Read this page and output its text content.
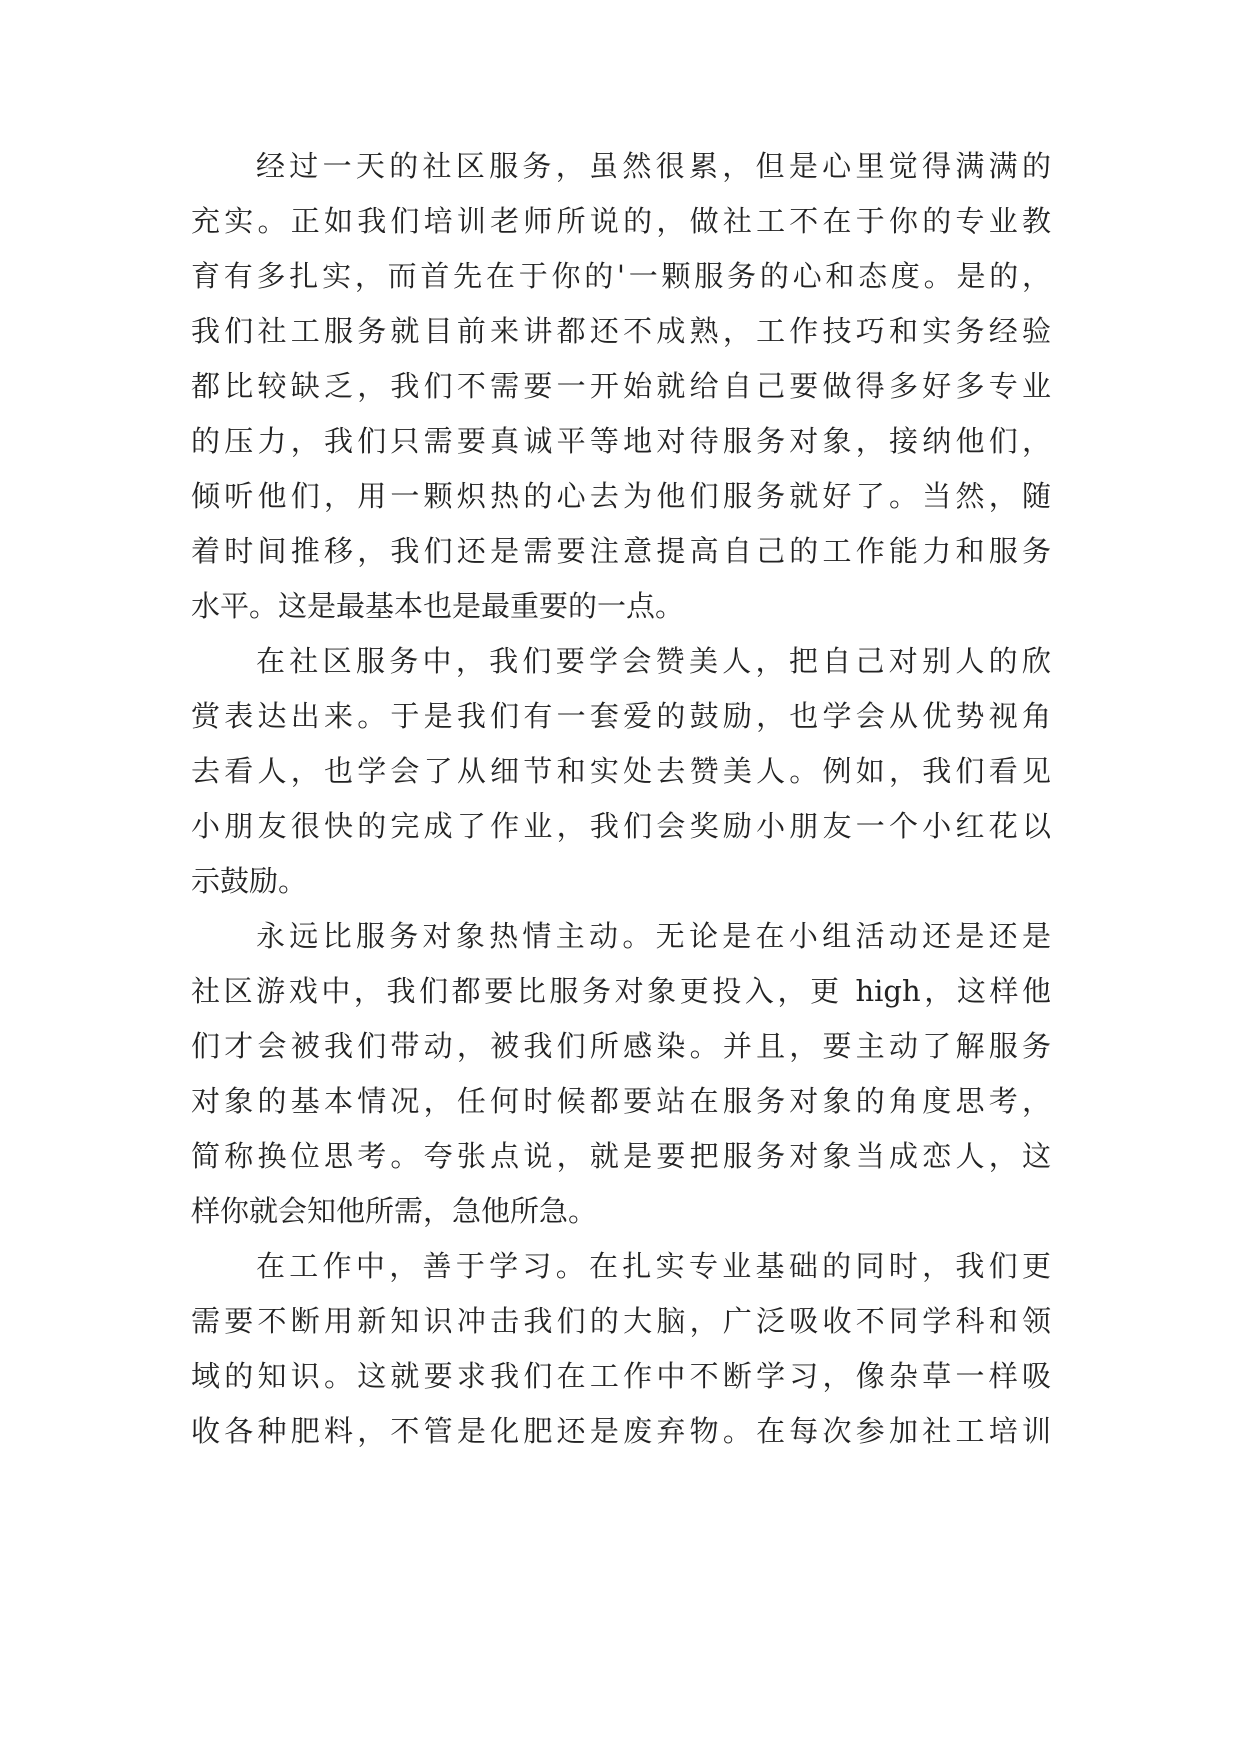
经过一天的社区服务，虽然很累，但是心里觉得满满的

充实。正如我们培训老师所说的，做社工不在于你的专业教

育有多扎实，而首先在于你的'一颗服务的心和态度。是的，

我们社工服务就目前来讲都还不成熟，工作技巧和实务经验

都比较缺乏，我们不需要一开始就给自己要做得多好多专业

的压力，我们只需要真诚平等地对待服务对象，接纳他们，

倾听他们，用一颗炽热的心去为他们服务就好了。当然，随

着时间推移，我们还是需要注意提高自己的工作能力和服务

水平。这是最基本也是最重要的一点。

在社区服务中，我们要学会赞美人，把自己对别人的欣

赏表达出来。于是我们有一套爱的鼓励，也学会从优势视角

去看人，也学会了从细节和实处去赞美人。例如，我们看见

小朋友很快的完成了作业，我们会奖励小朋友一个小红花以

示鼓励。

永远比服务对象热情主动。无论是在小组活动还是还是

社区游戏中，我们都要比服务对象更投入，更 high，这样他

们才会被我们带动，被我们所感染。并且，要主动了解服务

对象的基本情况，任何时候都要站在服务对象的角度思考，

简称换位思考。夸张点说，就是要把服务对象当成恋人，这

样你就会知他所需，急他所急。

在工作中，善于学习。在扎实专业基础的同时，我们更

需要不断用新知识冲击我们的大脑，广泛吸收不同学科和领

域的知识。这就要求我们在工作中不断学习，像杂草一样吸

收各种肥料，不管是化肥还是废弃物。在每次参加社工培训
